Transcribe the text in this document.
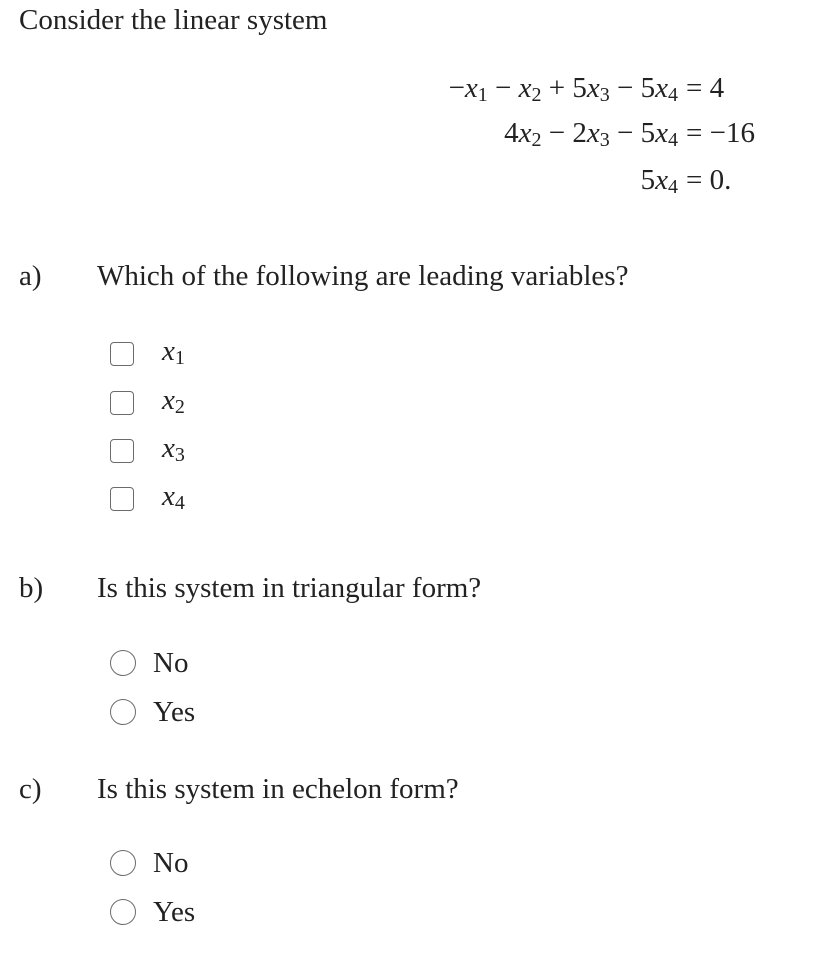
Consider the linear system
$-x_1 - x_2 + 5x_3 - 5x_4 = 4$
$4x_2 - 2x_3 - 5x_4 = -16$
$5x_4 = 0$.
a) Which of the following are leading variables?
$x_1$
$x_2$
$x_3$
$x_4$
b) Is this system in triangular form?
No
Yes
c) Is this system in echelon form?
No
Yes
